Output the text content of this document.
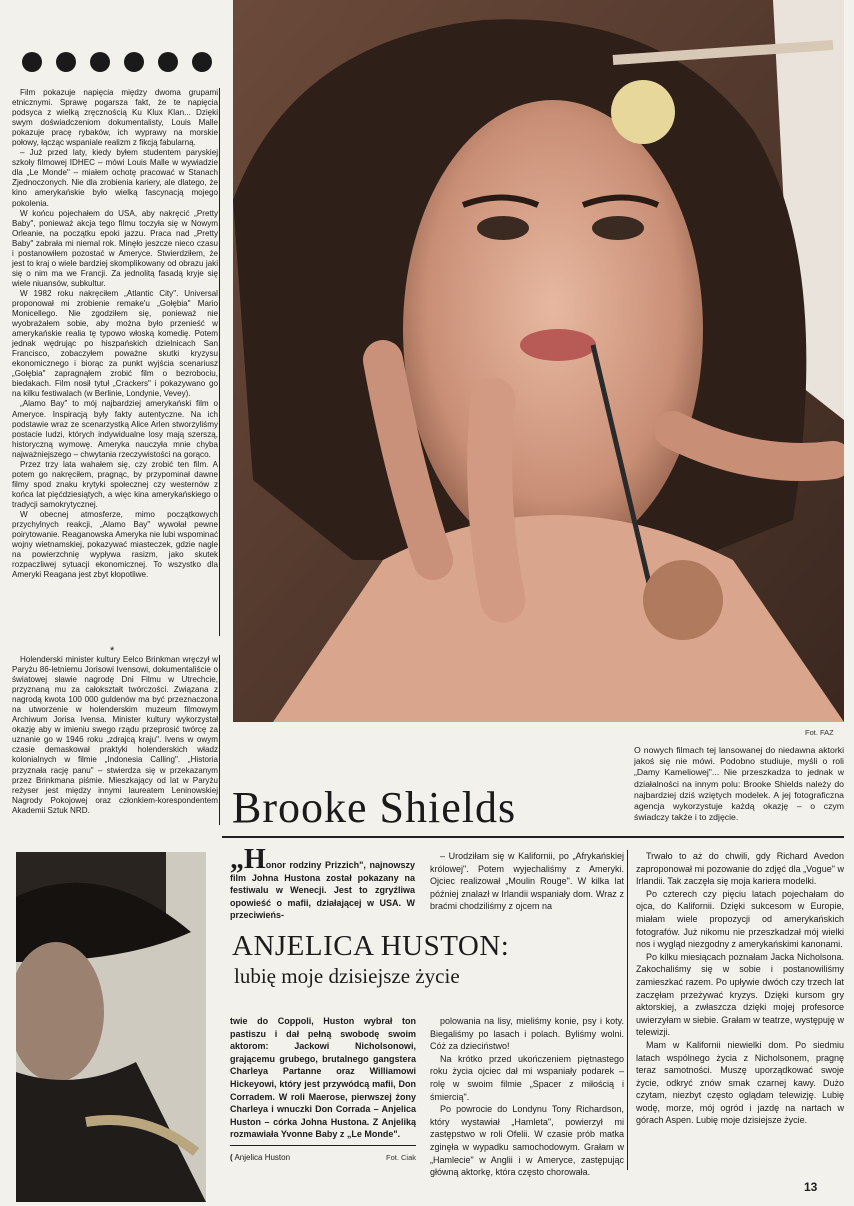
Film pokazuje napięcia między dwoma grupami etnicznymi. Sprawę pogarsza fakt, że te napięcia podsyca z wielką zręcznością Ku Klux Klan... Dzięki swym doświadczeniom dokumentalisty, Louis Malle pokazuje pracę rybaków, ich wyprawy na morskie połowy, łącząc wspaniale realizm z fikcją fabularną.

– Już przed laty, kiedy byłem studentem paryskiej szkoły filmowej IDHEC – mówi Louis Malle w wywiadzie dla „Le Monde" – miałem ochotę pracować w Stanach Zjednoczonych. Nie dla zrobienia kariery, ale dlatego, że kino amerykańskie było wielką fascynacją mojego pokolenia.

W końcu pojechałem do USA, aby nakręcić „Pretty Baby", ponieważ akcja tego filmu toczyła się w Nowym Orleanie, na początku epoki jazzu. Praca nad „Pretty Baby" zabrała mi niemal rok. Minęło jeszcze nieco czasu i postanowiłem pozostać w Ameryce. Stwierdziłem, że jest to kraj o wiele bardziej skomplikowany od obrazu jaki się o nim ma we Francji. Za jednolitą fasadą kryje się wiele niuansów, subkultur.

W 1982 roku nakręciłem „Atlantic City". Universal proponował mi zrobienie remake'u „Gołębia" Mario Monicellego. Nie zgodziłem się, ponieważ nie wyobrażałem sobie, aby można było przenieść w amerykańskie realia tę typowo włoską komedię. Potem jednak wędrując po hiszpańskich dzielnicach San Francisco, zobaczyłem poważne skutki kryzysu ekonomicznego i biorąc za punkt wyjścia scenariusz „Gołębia" zapragnąłem zrobić film o bezrobociu, biedakach. Film nosił tytuł „Crackers" i pokazywano go na kilku festiwalach (w Berlinie, Londynie, Vevey).

„Alamo Bay" to mój najbardziej amerykański film o Ameryce. Inspiracją były fakty autentyczne. Na ich podstawie wraz ze scenarzystką Alice Arlen stworzyliśmy postacie ludzi, których indywidualne losy mają szerszą, historyczną wymowę. Ameryka nauczyła mnie chyba najważniejszego – chwytania rzeczywistości na gorąco.

Przez trzy lata wahałem się, czy zrobić ten film. A potem go nakręciłem, pragnąc, by przypominał dawne filmy spod znaku krytyki społecznej czy westernów z końca lat pięćdziesiątych, a więc kina amerykańskiego o tradycji samokrytycznej.

W obecnej atmosferze, mimo początkowych przychylnych reakcji, „Alamo Bay" wywołał pewne poirytowanie. Reaganowska Ameryka nie lubi wspominać wojny wietnamskiej, pokazywać miasteczek, gdzie nagle na powierzchnię wypływa rasizm, jako skutek rozpaczliwej sytuacji ekonomicznej. To wszystko dla Ameryki Reagana jest zbyt kłopotliwe.

*

Holenderski minister kultury Eelco Brinkman wręczył w Paryżu 86-letniemu Jorisowi Ivensowi, dokumentaliście o światowej sławie nagrodę Dni Filmu w Utrechcie, przyznaną mu za całokształt twórczości. Związana z nagrodą kwota 100 000 guldenów ma być przeznaczona na utworzenie w holenderskim muzeum filmowym Archiwum Jorisa Ivensa. Minister kultury wykorzystał okazję aby w imieniu swego rządu przeprosić twórcę za uznanie go w 1946 roku „zdrajcą kraju". Ivens w owym czasie demaskował praktyki holenderskich władz kolonialnych w filmie „Indonesia Calling". „Historia przyznała rację panu" – stwierdza się w przekazanym przez Brinkmana piśmie. Mieszkający od lat w Paryżu reżyser jest między innymi laureatem Leninowskiej Nagrody Pokojowej oraz członkiem-korespondentem Akademii Sztuk NRD.

Fot. FAZ
O nowych filmach tej lansowanej do niedawna aktorki jakoś się nie mówi. Podobno studiuje, myśli o roli „Damy Kameliowej"... Nie przeszkadza to jednak w działalności na innym polu: Brooke Shields należy do najbardziej dziś wziętych modelek. A jej fotograficzna agencja wykorzystuje każdą okazję – o czym świadczy także i to zdjęcie.
Brooke Shields
„Honor rodziny Prizzich", najnowszy film Johna Hustona został pokazany na festiwalu w Wenecji. Jest to zgryźliwa opowieść o mafii, działającej w USA. W przeciwieńs-

– Urodziłam się w Kalifornii, po „Afrykańskiej królowej". Potem wyjechaliśmy z Ameryki. Ojciec realizował „Moulin Rouge". W kilka lat później znalazł w Irlandii wspaniały dom. Wraz z braćmi chodziliśmy z ojcem na

Trwało to aż do chwili, gdy Richard Avedon zaproponował mi pozowanie do zdjęć dla „Vogue" w Irlandii. Tak zaczęła się moja kariera modelki.

Po czterech czy pięciu latach pojechałam do ojca, do Kalifornii. Dzięki sukcesom w Europie, miałam wiele propozycji od amerykańskich fotografów. Już nikomu nie przeszkadzał mój wielki nos i wygląd niezgodny z amerykańskimi kanonami.

Po kilku miesiącach poznałam Jacka Nicholsona. Zakochaliśmy się w sobie i postanowiliśmy zamieszkać razem. Po upływie dwóch czy trzech lat zaczęłam przeżywać kryzys. Dzięki kursom gry aktorskiej, a zwłaszcza dzięki mojej profesorce uwierzyłam w siebie. Grałam w teatrze, występuję w telewizji.

Mam w Kalifornii niewielki dom. Po siedmiu latach wspólnego życia z Nicholsonem, pragnę teraz samotności. Muszę uporządkować swoje życie, odkryć znów smak czarnej kawy. Dużo czytam, niezbyt często oglądam telewizję. Lubię wodę, morze, mój ogród i jazdę na nartach w górach Aspen. Lubię moje dzisiejsze życie.

ANJELICA HUSTON:
lubię moje dzisiejsze życie

twie do Coppoli, Huston wybrał ton pastiszu i dał pełną swobodę swoim aktorom: Jackowi Nicholsonowi, grającemu grubego, brutalnego gangstera Charleya Partanne oraz Williamowi Hickeyowi, który jest przywódcą mafii, Don Corradem. W roli Maerose, pierwszej żony Charleya i wnuczki Don Corrada – Anjelica Huston – córka Johna Hustona. Z Anjeliką rozmawiała Yvonne Baby z „Le Monde".

( Anjelica Huston	Fot. Ciak

polowania na lisy, mieliśmy konie, psy i koty. Biegaliśmy po lasach i polach. Byliśmy wolni. Cóż za dzieciństwo!

Na krótko przed ukończeniem piętnastego roku życia ojciec dał mi wspaniały podarek – rolę w swoim filmie „Spacer z miłością i śmiercią".

Po powrocie do Londynu Tony Richardson, który wystawiał „Hamleta", powierzył mi zastępstwo w roli Ofelii. W czasie prób matka zginęła w wypadku samochodowym. Grałam w „Hamlecie" w Anglii i w Ameryce, zastępując główną aktorkę, która często chorowała.

13
